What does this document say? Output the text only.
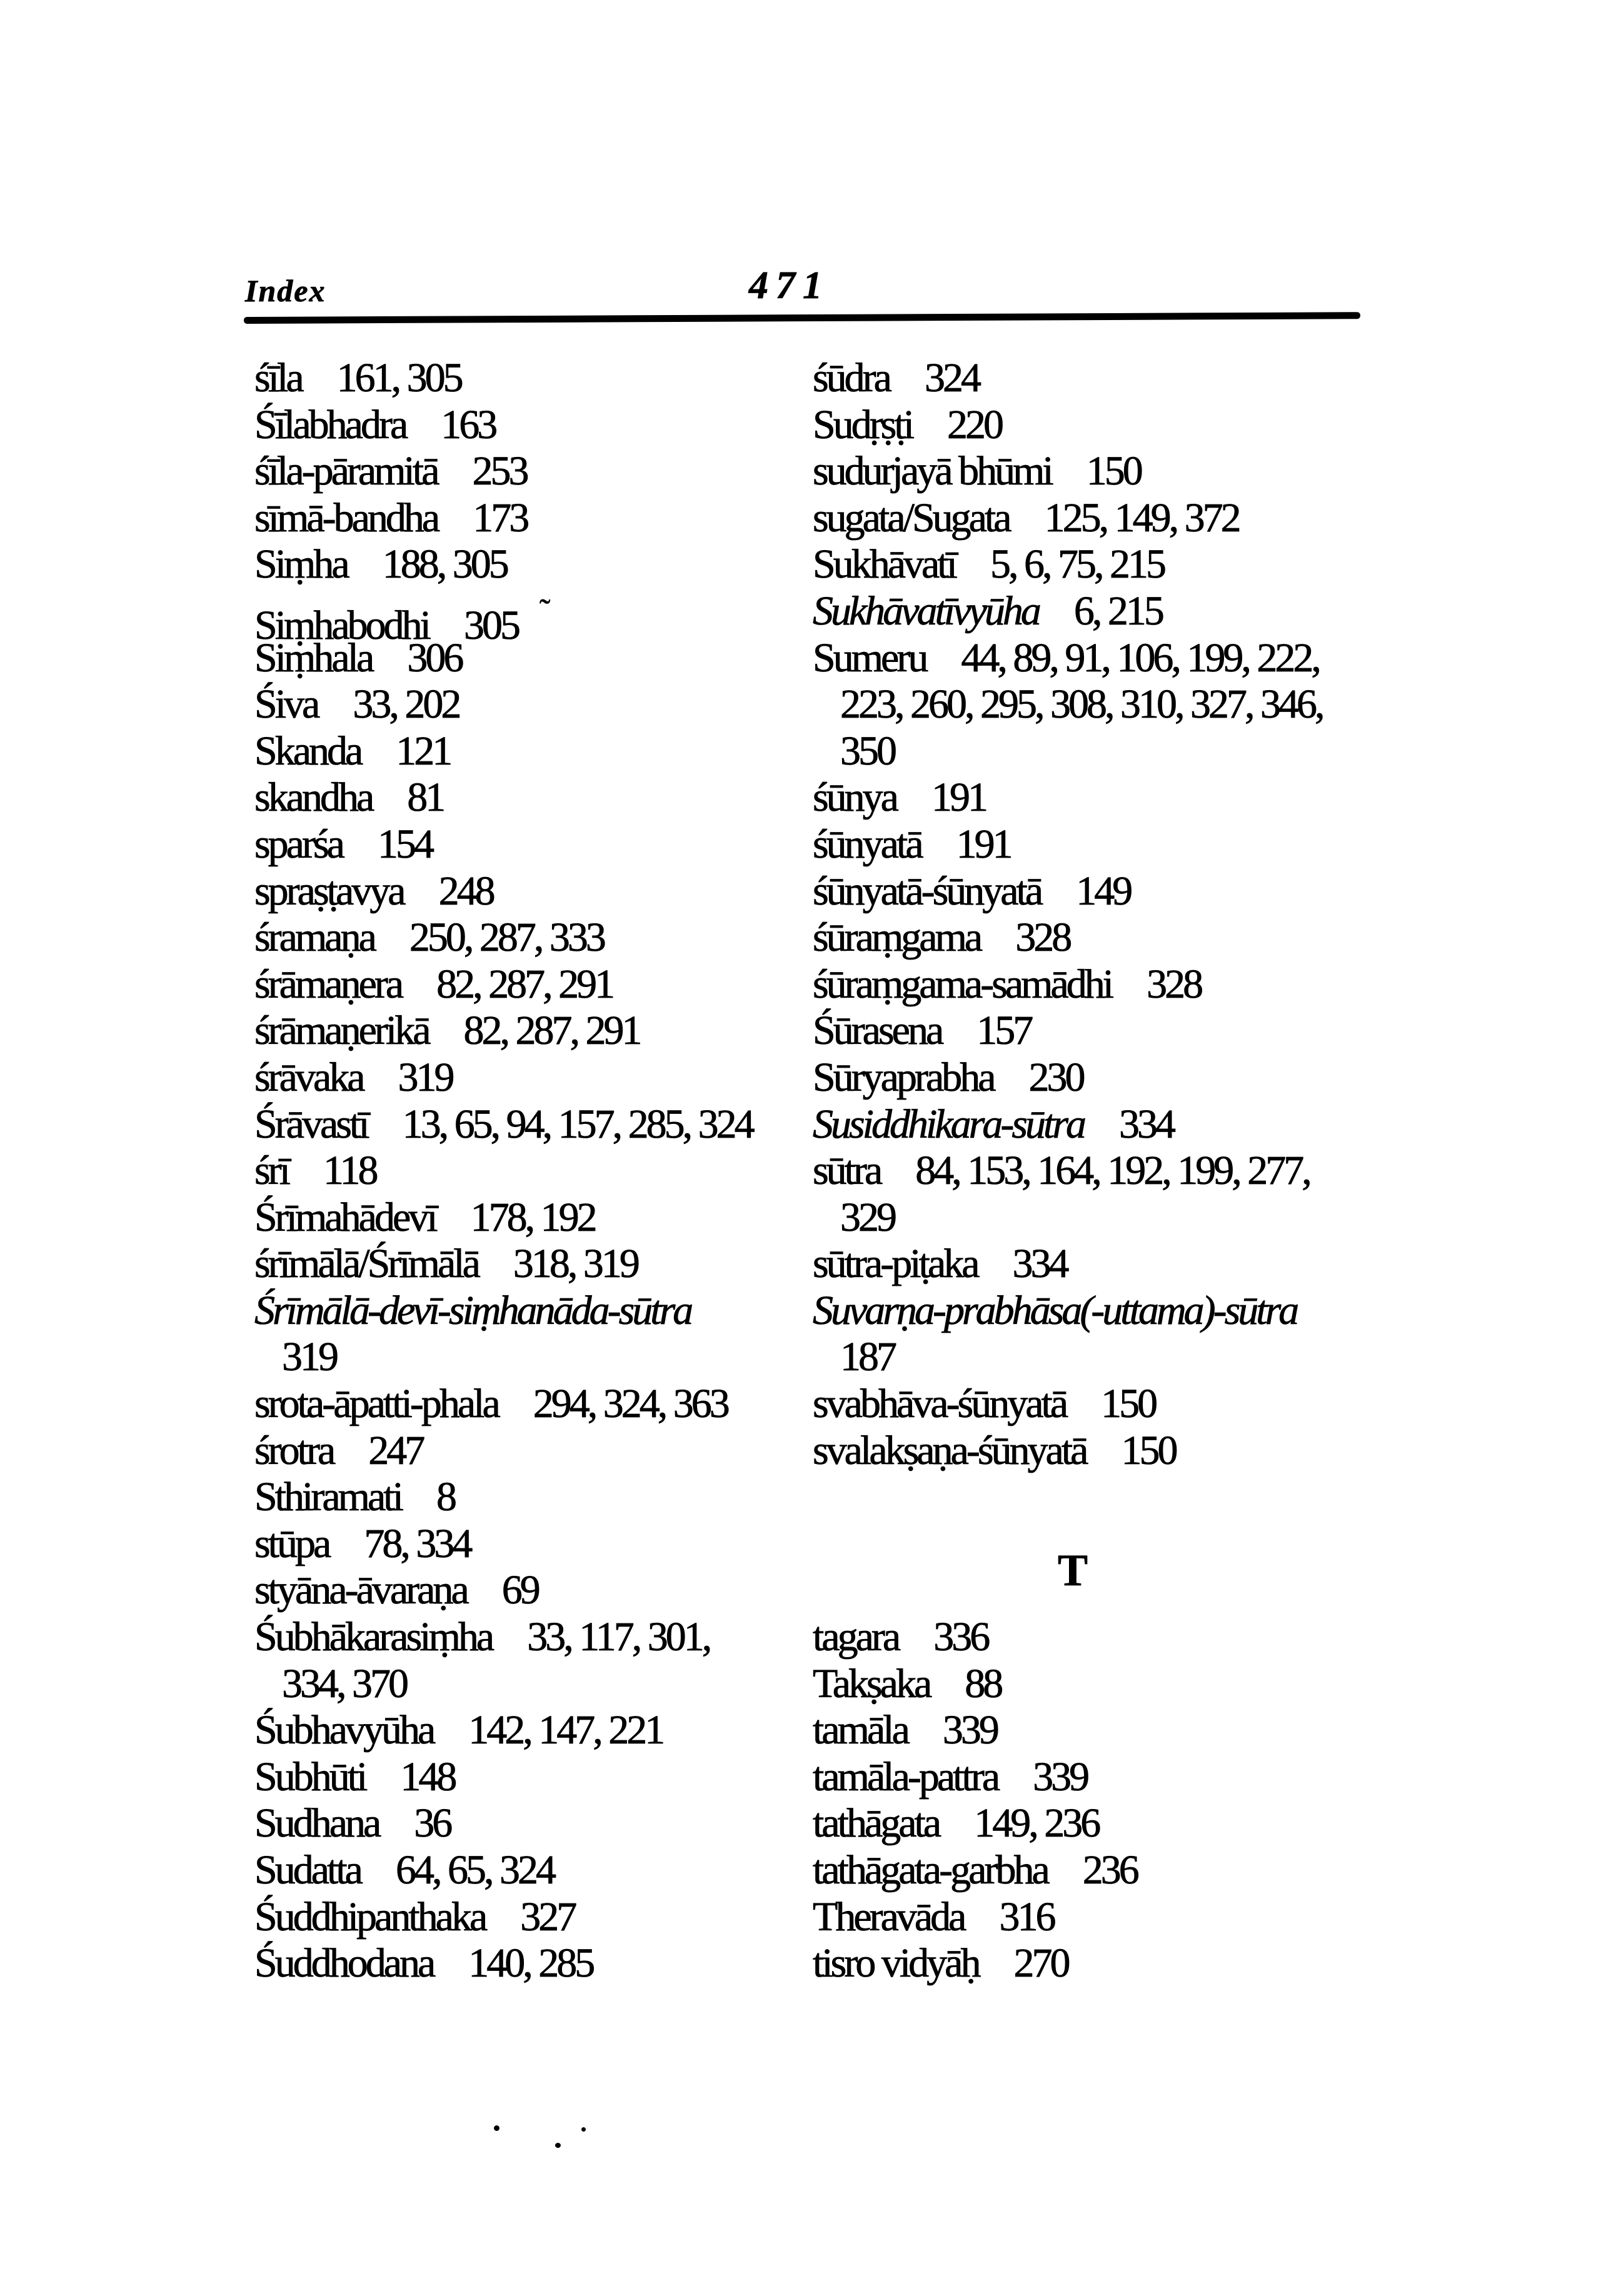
Index	471
śīla 161, 305
Śīlabhadra 163
śīla-pāramitā 253
sīmā-bandha 173
Siṃha 188, 305
Siṃhabodhi 305 ˜
Siṃhala 306
Śiva 33, 202
Skanda 121
skandha 81
sparśa 154
spraṣṭavya 248
śramaṇa 250, 287, 333
śrāmaṇera 82, 287, 291
śrāmaṇerikā 82, 287, 291
śrāvaka 319
Śrāvastī 13, 65, 94, 157, 285, 324
śrī 118
Śrīmahādevī 178, 192
śrīmālā/Śrīmālā 318, 319
Śrīmālā-devī-siṃhanāda-sūtra
319
srota-āpatti-phala 294, 324, 363
śrotra 247
Sthiramati 8
stūpa 78, 334
styāna-āvaraṇa 69
Śubhākarasiṃha 33, 117, 301,
334, 370
Śubhavyūha 142, 147, 221
Subhūti 148
Sudhana 36
Sudatta 64, 65, 324
Śuddhipanthaka 327
Śuddhodana 140, 285
śūdra 324
Sudṛṣṭi 220
sudurjayā bhūmi 150
sugata/Sugata 125, 149, 372
Sukhāvatī 5, 6, 75, 215
Sukhāvatīvyūha 6, 215
Sumeru 44, 89, 91, 106, 199, 222,
223, 260, 295, 308, 310, 327, 346,
350
śūnya 191
śūnyatā 191
śūnyatā-śūnyatā 149
śūraṃgama 328
śūraṃgama-samādhi 328
Śūrasena 157
Sūryaprabha 230
Susiddhikara-sūtra 334
sūtra 84, 153, 164, 192, 199, 277,
329
sūtra-piṭaka 334
Suvarṇa-prabhāsa(-uttama)-sūtra
187
svabhāva-śūnyatā 150
svalakṣaṇa-śūnyatā 150
T
tagara 336
Takṣaka 88
tamāla 339
tamāla-pattra 339
tathāgata 149, 236
tathāgata-garbha 236
Theravāda 316
tisro vidyāḥ 270
